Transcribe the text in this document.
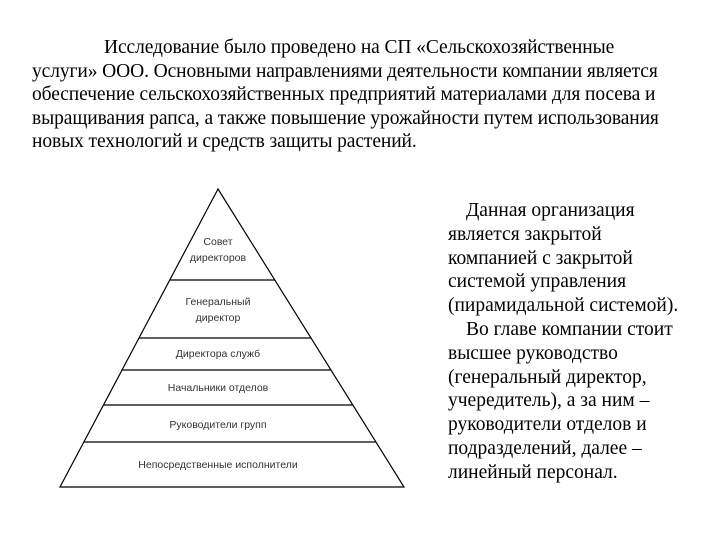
Исследование было проведено на СП «Сельскохозяйственные услуги» ООО. Основными направлениями деятельности компании является обеспечение сельскохозяйственных предприятий материалами для посева и выращивания рапса, а также повышение урожайности путем использования новых технологий и средств защиты растений.

Совет
директоров
Генеральный
директор
Директора служб
Начальники отделов
Руководители групп
Непосредственные исполнители

Данная организация является закрытой компанией с закрытой системой управления (пирамидальной системой).

Во главе компании стоит высшее руководство (генеральный директор, учередитель), а за ним – руководители отделов и подразделений, далее – линейный персонал.
